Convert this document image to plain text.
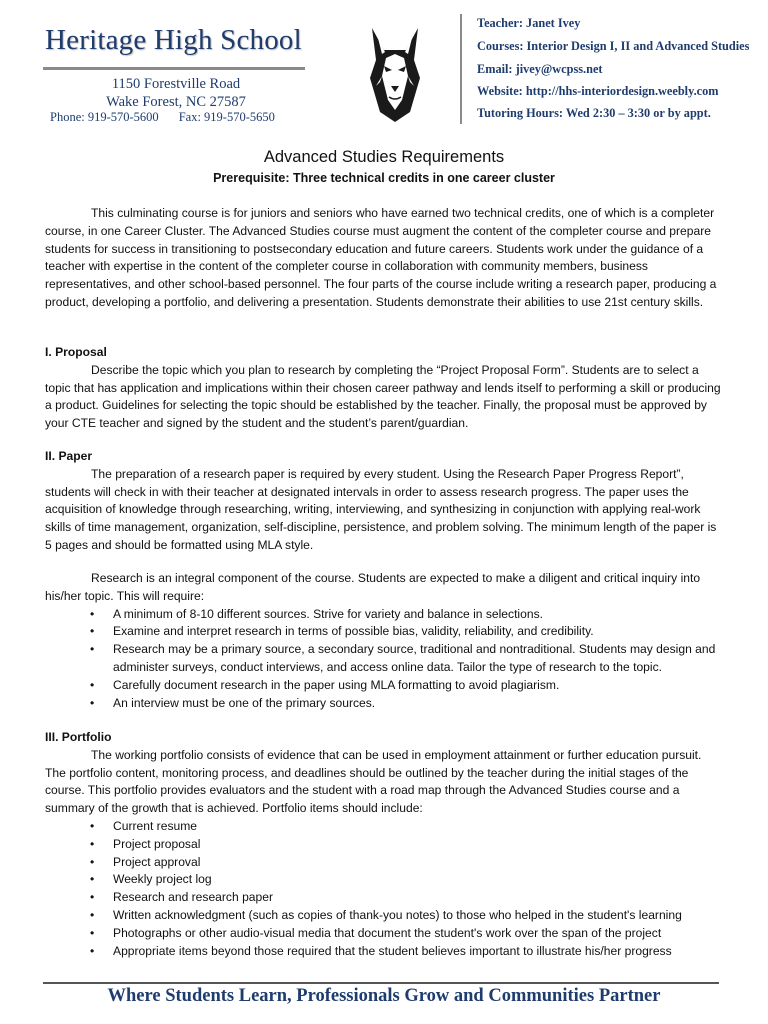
Heritage High School
1150 Forestville Road
Wake Forest, NC 27587
Phone: 919-570-5600 Fax: 919-570-5650
Teacher: Janet Ivey
Courses: Interior Design I, II and Advanced Studies
Email: jivey@wcpss.net
Website: http://hhs-interiordesign.weebly.com
Tutoring Hours: Wed 2:30 – 3:30 or by appt.
Advanced Studies Requirements
Prerequisite: Three technical credits in one career cluster

This culminating course is for juniors and seniors who have earned two technical credits, one of which is a completer course, in one Career Cluster. The Advanced Studies course must augment the content of the completer course and prepare students for success in transitioning to postsecondary education and future careers. Students work under the guidance of a teacher with expertise in the content of the completer course in collaboration with community members, business representatives, and other school-based personnel. The four parts of the course include writing a research paper, producing a product, developing a portfolio, and delivering a presentation. Students demonstrate their abilities to use 21st century skills.

I. Proposal

Describe the topic which you plan to research by completing the “Project Proposal Form”. Students are to select a topic that has application and implications within their chosen career pathway and lends itself to performing a skill or producing a product. Guidelines for selecting the topic should be established by the teacher. Finally, the proposal must be approved by your CTE teacher and signed by the student and the student’s parent/guardian.

II. Paper

The preparation of a research paper is required by every student. Using the Research Paper Progress Report”, students will check in with their teacher at designated intervals in order to assess research progress. The paper uses the acquisition of knowledge through researching, writing, interviewing, and synthesizing in conjunction with applying real-work skills of time management, organization, self-discipline, persistence, and problem solving. The minimum length of the paper is 5 pages and should be formatted using MLA style.

Research is an integral component of the course. Students are expected to make a diligent and critical inquiry into his/her topic. This will require:

• A minimum of 8-10 different sources. Strive for variety and balance in selections.
• Examine and interpret research in terms of possible bias, validity, reliability, and credibility.
• Research may be a primary source, a secondary source, traditional and nontraditional. Students may design and administer surveys, conduct interviews, and access online data. Tailor the type of research to the topic.
• Carefully document research in the paper using MLA formatting to avoid plagiarism.
• An interview must be one of the primary sources.

III. Portfolio

The working portfolio consists of evidence that can be used in employment attainment or further education pursuit. The portfolio content, monitoring process, and deadlines should be outlined by the teacher during the initial stages of the course. This portfolio provides evaluators and the student with a road map through the Advanced Studies course and a summary of the growth that is achieved. Portfolio items should include:

• Current resume
• Project proposal
• Project approval
• Weekly project log
• Research and research paper
• Written acknowledgment (such as copies of thank-you notes) to those who helped in the student's learning
• Photographs or other audio-visual media that document the student's work over the span of the project
• Appropriate items beyond those required that the student believes important to illustrate his/her progress
Where Students Learn, Professionals Grow and Communities Partner
